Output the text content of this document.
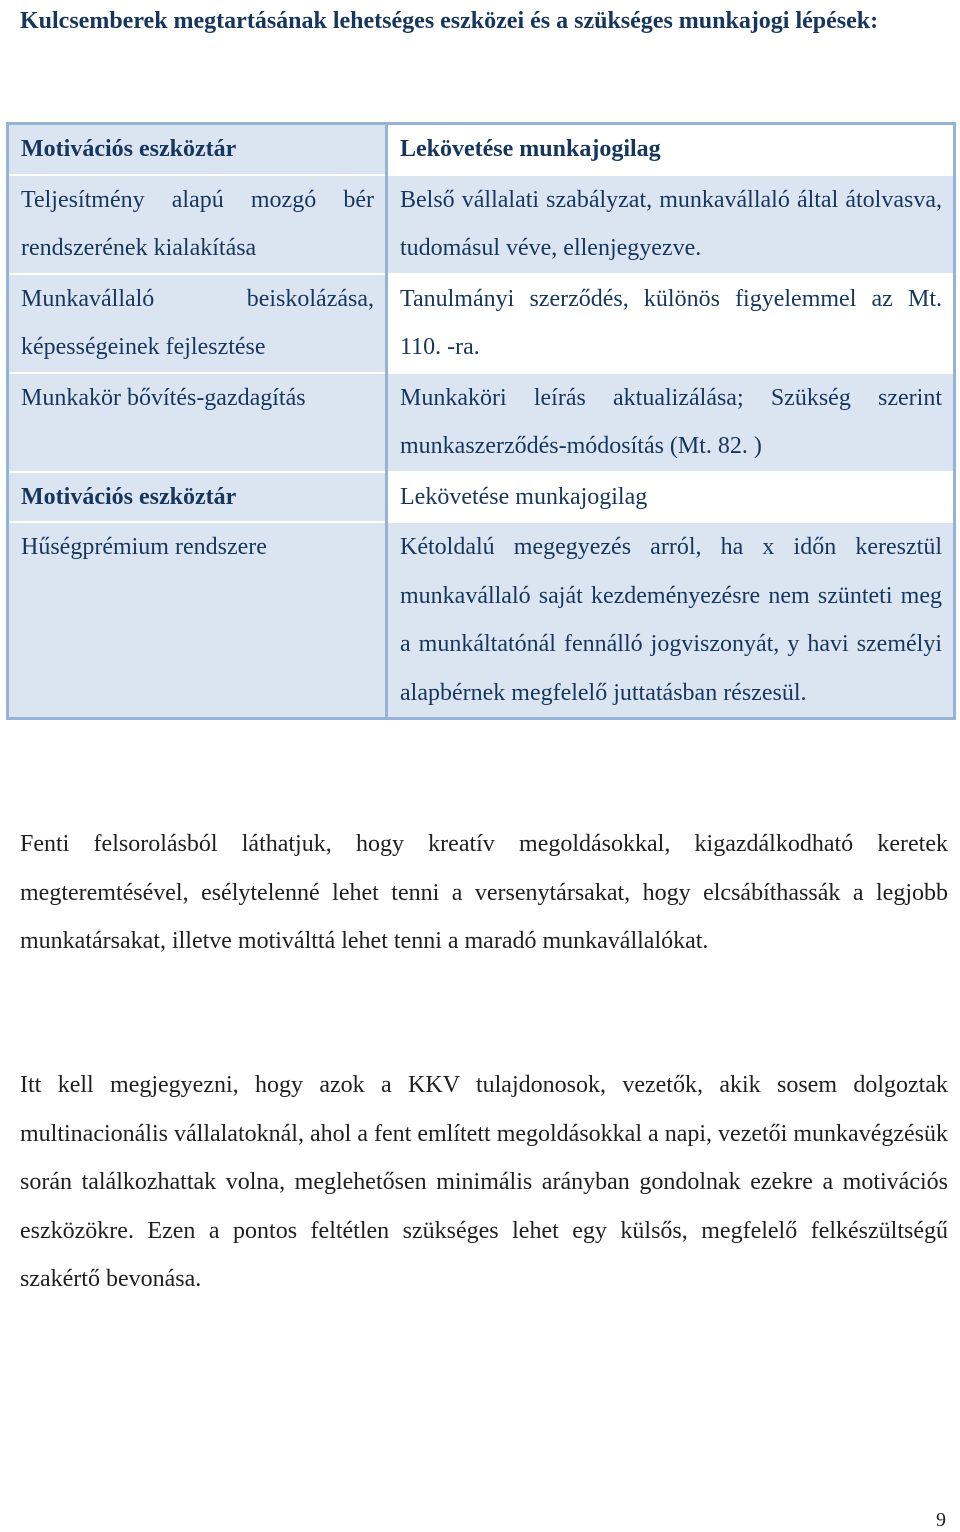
Kulcsemberek megtartásának lehetséges eszközei és a szükséges munkajogi lépések:
Motivációs eszköztár	Lekövetése munkajogilag

Teljesítmény alapú mozgó bér rendszerének kialakítása	Belső vállalati szabályzat, munkavállaló által átolvasva, tudomásul véve, ellenjegyezve.

Munkavállaló beiskolázása, képességeinek fejlesztése	Tanulmányi szerződés, különös figyelemmel az Mt. 110. -ra.

Munkakör bővítés-gazdagítás	Munkaköri leírás aktualizálása; Szükség szerint munkaszerződés-módosítás (Mt. 82. )

Motivációs eszköztár	Lekövetése munkajogilag

Hűségprémium rendszere	Kétoldalú megegyezés arról, ha x időn keresztül munkavállaló saját kezdeményezésre nem szünteti meg a munkáltatónál fennálló jogviszonyát, y havi személyi alapbérnek megfelelő juttatásban részesül.
Fenti felsorolásból láthatjuk, hogy kreatív megoldásokkal, kigazdálkodható keretek megteremtésével, esélytelenné lehet tenni a versenytársakat, hogy elcsábíthassák a legjobb munkatársakat, illetve motiválttá lehet tenni a maradó munkavállalókat.
Itt kell megjegyezni, hogy azok a KKV tulajdonosok, vezetők, akik sosem dolgoztak multinacionális vállalatoknál, ahol a fent említett megoldásokkal a napi, vezetői munkavégzésük során találkozhattak volna, meglehetősen minimális arányban gondolnak ezekre a motivációs eszközökre. Ezen a pontos feltétlen szükséges lehet egy külsős, megfelelő felkészültségű szakértő bevonása.
9
